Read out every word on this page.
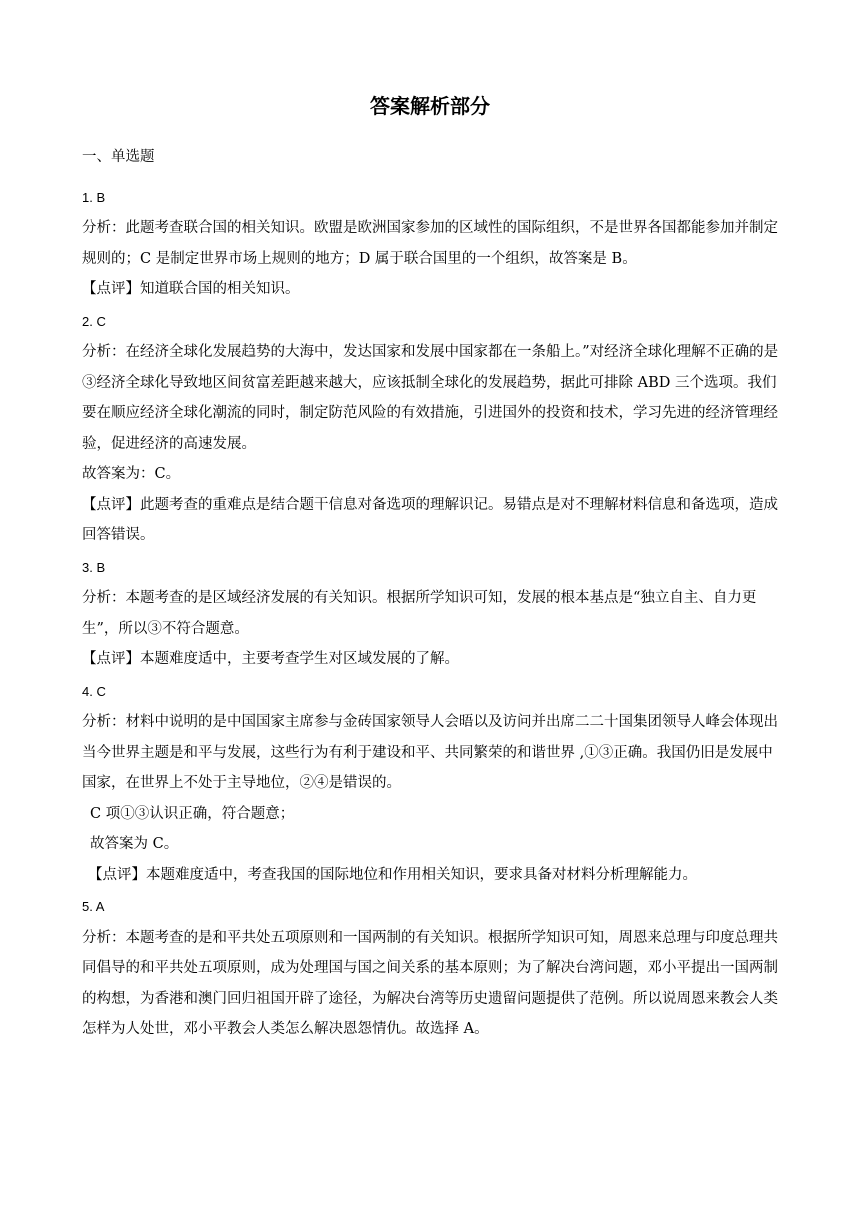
答案解析部分

一、单选题

1. B

分析：此题考查联合国的相关知识。欧盟是欧洲国家参加的区域性的国际组织，不是世界各国都能参加并制定规则的；C 是制定世界市场上规则的地方；D 属于联合国里的一个组织，故答案是 B。

【点评】知道联合国的相关知识。

2. C

分析：在经济全球化发展趋势的大海中，发达国家和发展中国家都在一条船上。”对经济全球化理解不正确的是③经济全球化导致地区间贫富差距越来越大，应该抵制全球化的发展趋势，据此可排除 ABD 三个选项。我们要在顺应经济全球化潮流的同时，制定防范风险的有效措施，引进国外的投资和技术，学习先进的经济管理经验，促进经济的高速发展。

故答案为：C。

【点评】此题考查的重难点是结合题干信息对备选项的理解识记。易错点是对不理解材料信息和备选项，造成回答错误。

3. B

分析：本题考查的是区域经济发展的有关知识。根据所学知识可知，发展的根本基点是“独立自主、自力更生”，所以③不符合题意。

【点评】本题难度适中，主要考查学生对区域发展的了解。

4. C

分析：材料中说明的是中国国家主席参与金砖国家领导人会晤以及访问并出席二二十国集团领导人峰会体现出当今世界主题是和平与发展，这些行为有利于建设和平、共同繁荣的和谐世界 ,①③正确。我国仍旧是发展中国家，在世界上不处于主导地位，②④是错误的。

C 项①③认识正确，符合题意；

故答案为 C。

【点评】本题难度适中，考查我国的国际地位和作用相关知识，要求具备对材料分析理解能力。

5. A

分析：本题考查的是和平共处五项原则和一国两制的有关知识。根据所学知识可知，周恩来总理与印度总理共同倡导的和平共处五项原则，成为处理国与国之间关系的基本原则；为了解决台湾问题，邓小平提出一国两制的构想，为香港和澳门回归祖国开辟了途径，为解决台湾等历史遗留问题提供了范例。所以说周恩来教会人类怎样为人处世，邓小平教会人类怎么解决恩怨情仇。故选择 A。
